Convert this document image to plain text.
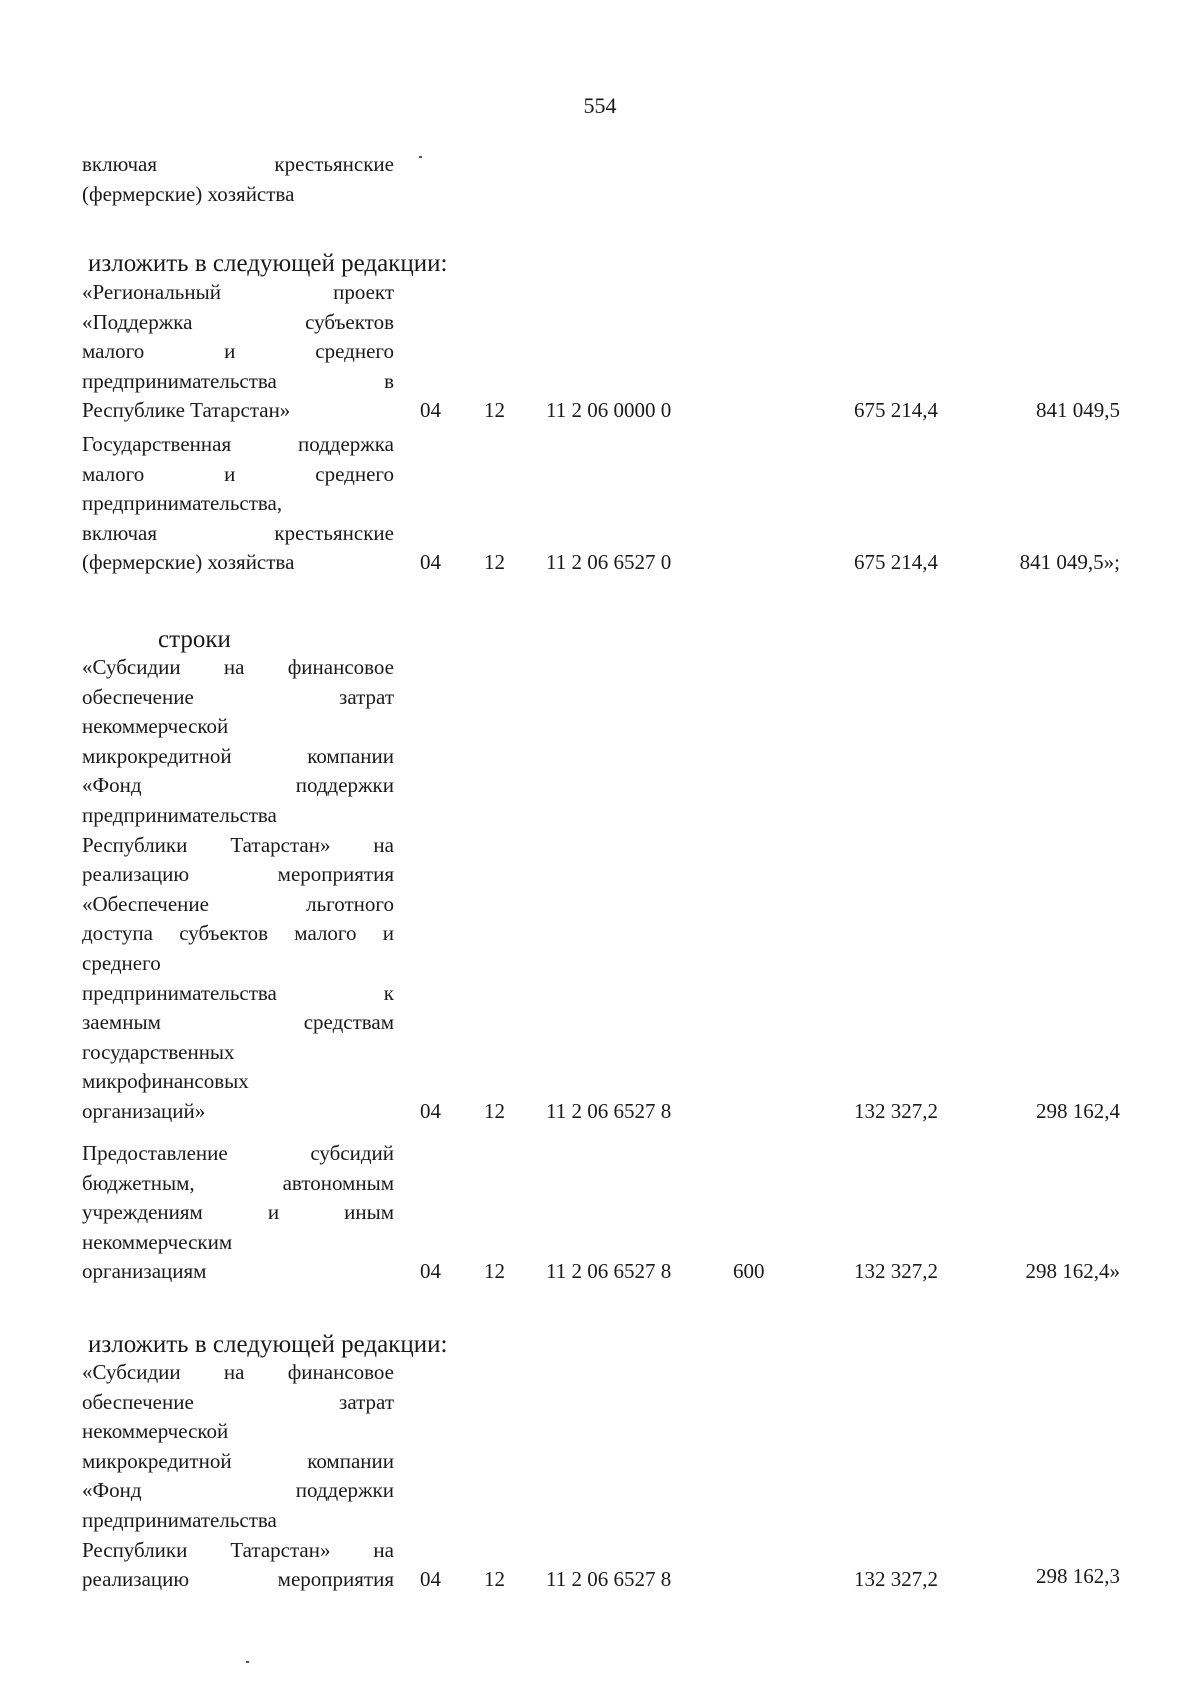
554
включая	крестьянские
(фермерские) хозяйства
изложить в следующей редакции:
«Региональный	проект
«Поддержка	субъектов
малого	и	среднего
предпринимательства	в
Республике Татарстан»	04 12 11 2 06 0000 0	675 214,4	841 049,5
Государственная	поддержка
малого	и	среднего
предпринимательства,
включая	крестьянские
(фермерские) хозяйства	04 12 11 2 06 6527 0	675 214,4	841 049,5»;
строки
«Субсидии на финансовое
обеспечение	затрат
некоммерческой
микрокредитной	компании
«Фонд	поддержки
предпринимательства
Республики Татарстан» на
реализацию	мероприятия
«Обеспечение	льготного
доступа субъектов малого и
среднего
предпринимательства	к
заемным	средствам
государственных
микрофинансовых
организаций»	04 12 11 2 06 6527 8	132 327,2	298 162,4
Предоставление	субсидий
бюджетным,	автономным
учреждениям	и	иным
некоммерческим
организациям	04 12 11 2 06 6527 8	600	132 327,2	298 162,4»
изложить в следующей редакции:
«Субсидии на финансовое
обеспечение	затрат
некоммерческой
микрокредитной	компании
«Фонд	поддержки
предпринимательства
Республики Татарстан» на
реализацию	мероприятия 04 12 11 2 06 6527 8	132 327,2	298 162,3
